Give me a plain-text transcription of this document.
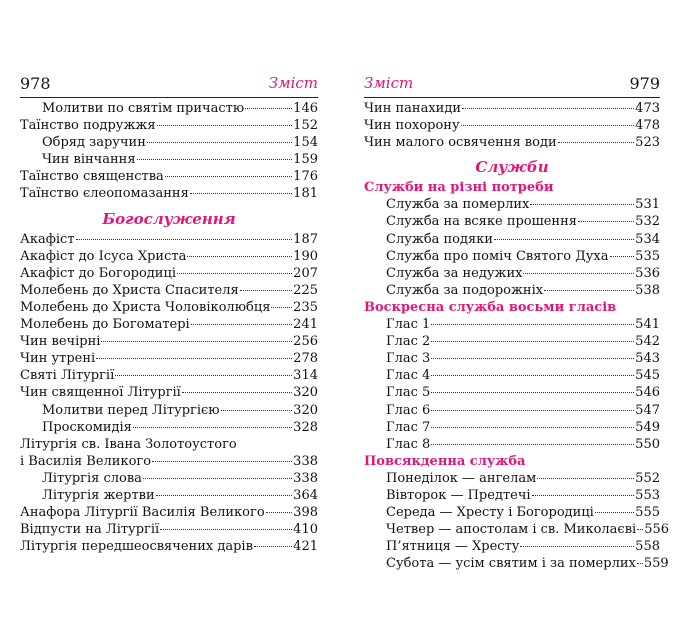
978	Зміст
Молитви по святім причастю	146
Таїнство подружжя	152
Обряд заручин	154
Чин вінчання	159
Таїнство священства	176
Таїнство єлеопомазання	181
Богослуження
Акафіст	187
Акафіст до Ісуса Христа	190
Акафіст до Богородиці	207
Молебень до Христа Спасителя	225
Молебень до Христа Чоловіколюбця 235
Молебень до Богоматері	241
Чин вечірні	256
Чин утрені	278
Святі Літургії	314
Чин священної Літургії	320
Молитви перед Літургією	320
Проскомидія	328
Літургія св. Івана Золотоустого
і Василія Великого	338
Літургія слова	338
Літургія жертви	364
Анафора Літургії Василія Великого 398
Відпусти на Літургії	410
Літургія передшеосвячених дарів	421
Зміст	979
Чин панахиди	473
Чин похорону	478
Чин малого освячення води	523
Служби
Служби на різні потреби
Служба за померлих	531
Служба на всяке прошення	532
Служба подяки	534
Служба про поміч Святого Духа 535
Служба за недужих	536
Служба за подорожніх	538
Воскресна служба восьми гласів
Глас 1	541
Глас 2	542
Глас 3	543
Глас 4	545
Глас 5	546
Глас 6	547
Глас 7	549
Глас 8	550
Повсякденна служба
Понеділок — ангелам	552
Вівторок — Предтечі	553
Середа — Хресту і Богородиці	555
Четвер — апостолам і св. Миколаєві 556
П’ятниця — Хресту	558
Субота — усім святим і за померлих 559
